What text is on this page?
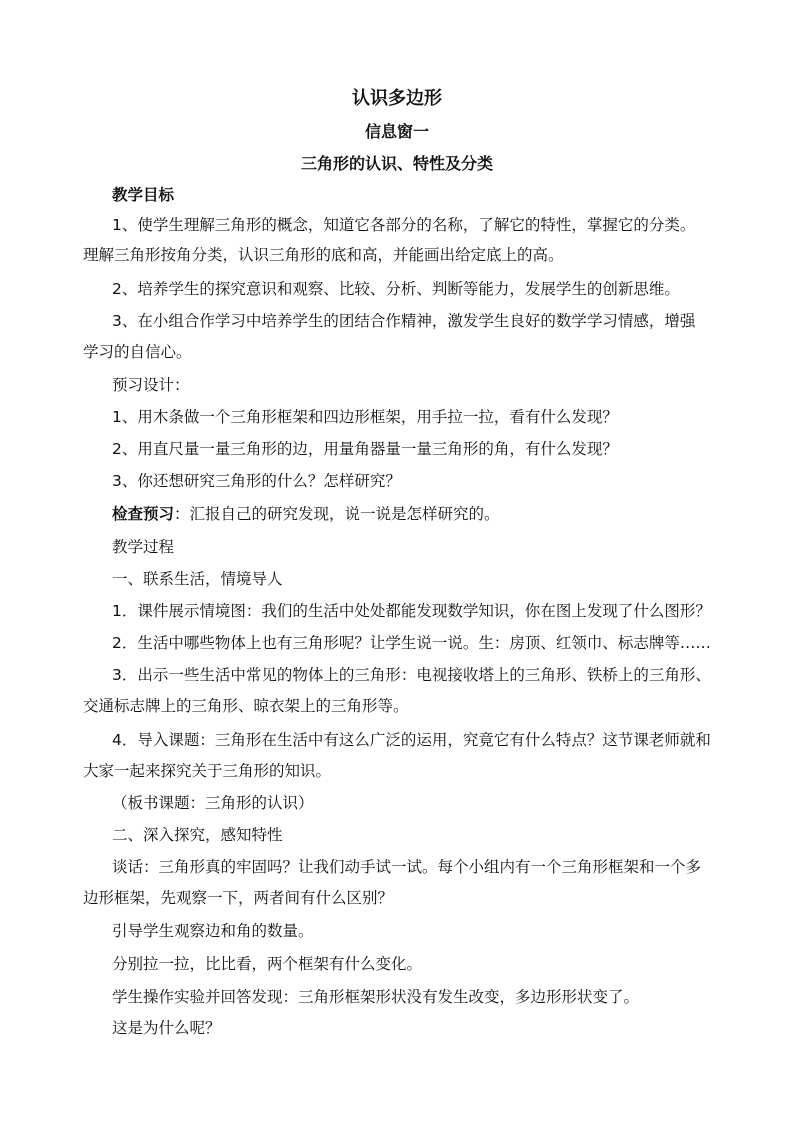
认识多边形
信息窗一
三角形的认识、特性及分类
教学目标
1、使学生理解三角形的概念，知道它各部分的名称，了解它的特性，掌握它的分类。
理解三角形按角分类，认识三角形的底和高，并能画出给定底上的高。
2、培养学生的探究意识和观察、比较、分析、判断等能力，发展学生的创新思维。
3、在小组合作学习中培养学生的团结合作精神，激发学生良好的数学学习情感，增强
学习的自信心。
预习设计：
1、用木条做一个三角形框架和四边形框架，用手拉一拉，看有什么发现？
2、用直尺量一量三角形的边，用量角器量一量三角形的角，有什么发现？
3、你还想研究三角形的什么？怎样研究？
检查预习：汇报自己的研究发现，说一说是怎样研究的。
教学过程
一、联系生活，情境导人
1．课件展示情境图：我们的生活中处处都能发现数学知识，你在图上发现了什么图形？
2．生活中哪些物体上也有三角形呢？让学生说一说。生：房顶、红领巾、标志牌等……
3．出示一些生活中常见的物体上的三角形：电视接收塔上的三角形、铁桥上的三角形、
交通标志牌上的三角形、晾衣架上的三角形等。
4．导入课题：三角形在生活中有这么广泛的运用，究竟它有什么特点？这节课老师就和
大家一起来探究关于三角形的知识。
（板书课题：三角形的认识）
二、深入探究，感知特性
谈话：三角形真的牢固吗？让我们动手试一试。每个小组内有一个三角形框架和一个多
边形框架，先观察一下，两者间有什么区别？
引导学生观察边和角的数量。
分别拉一拉，比比看，两个框架有什么变化。
学生操作实验并回答发现：三角形框架形状没有发生改变，多边形形状变了。
这是为什么呢？
